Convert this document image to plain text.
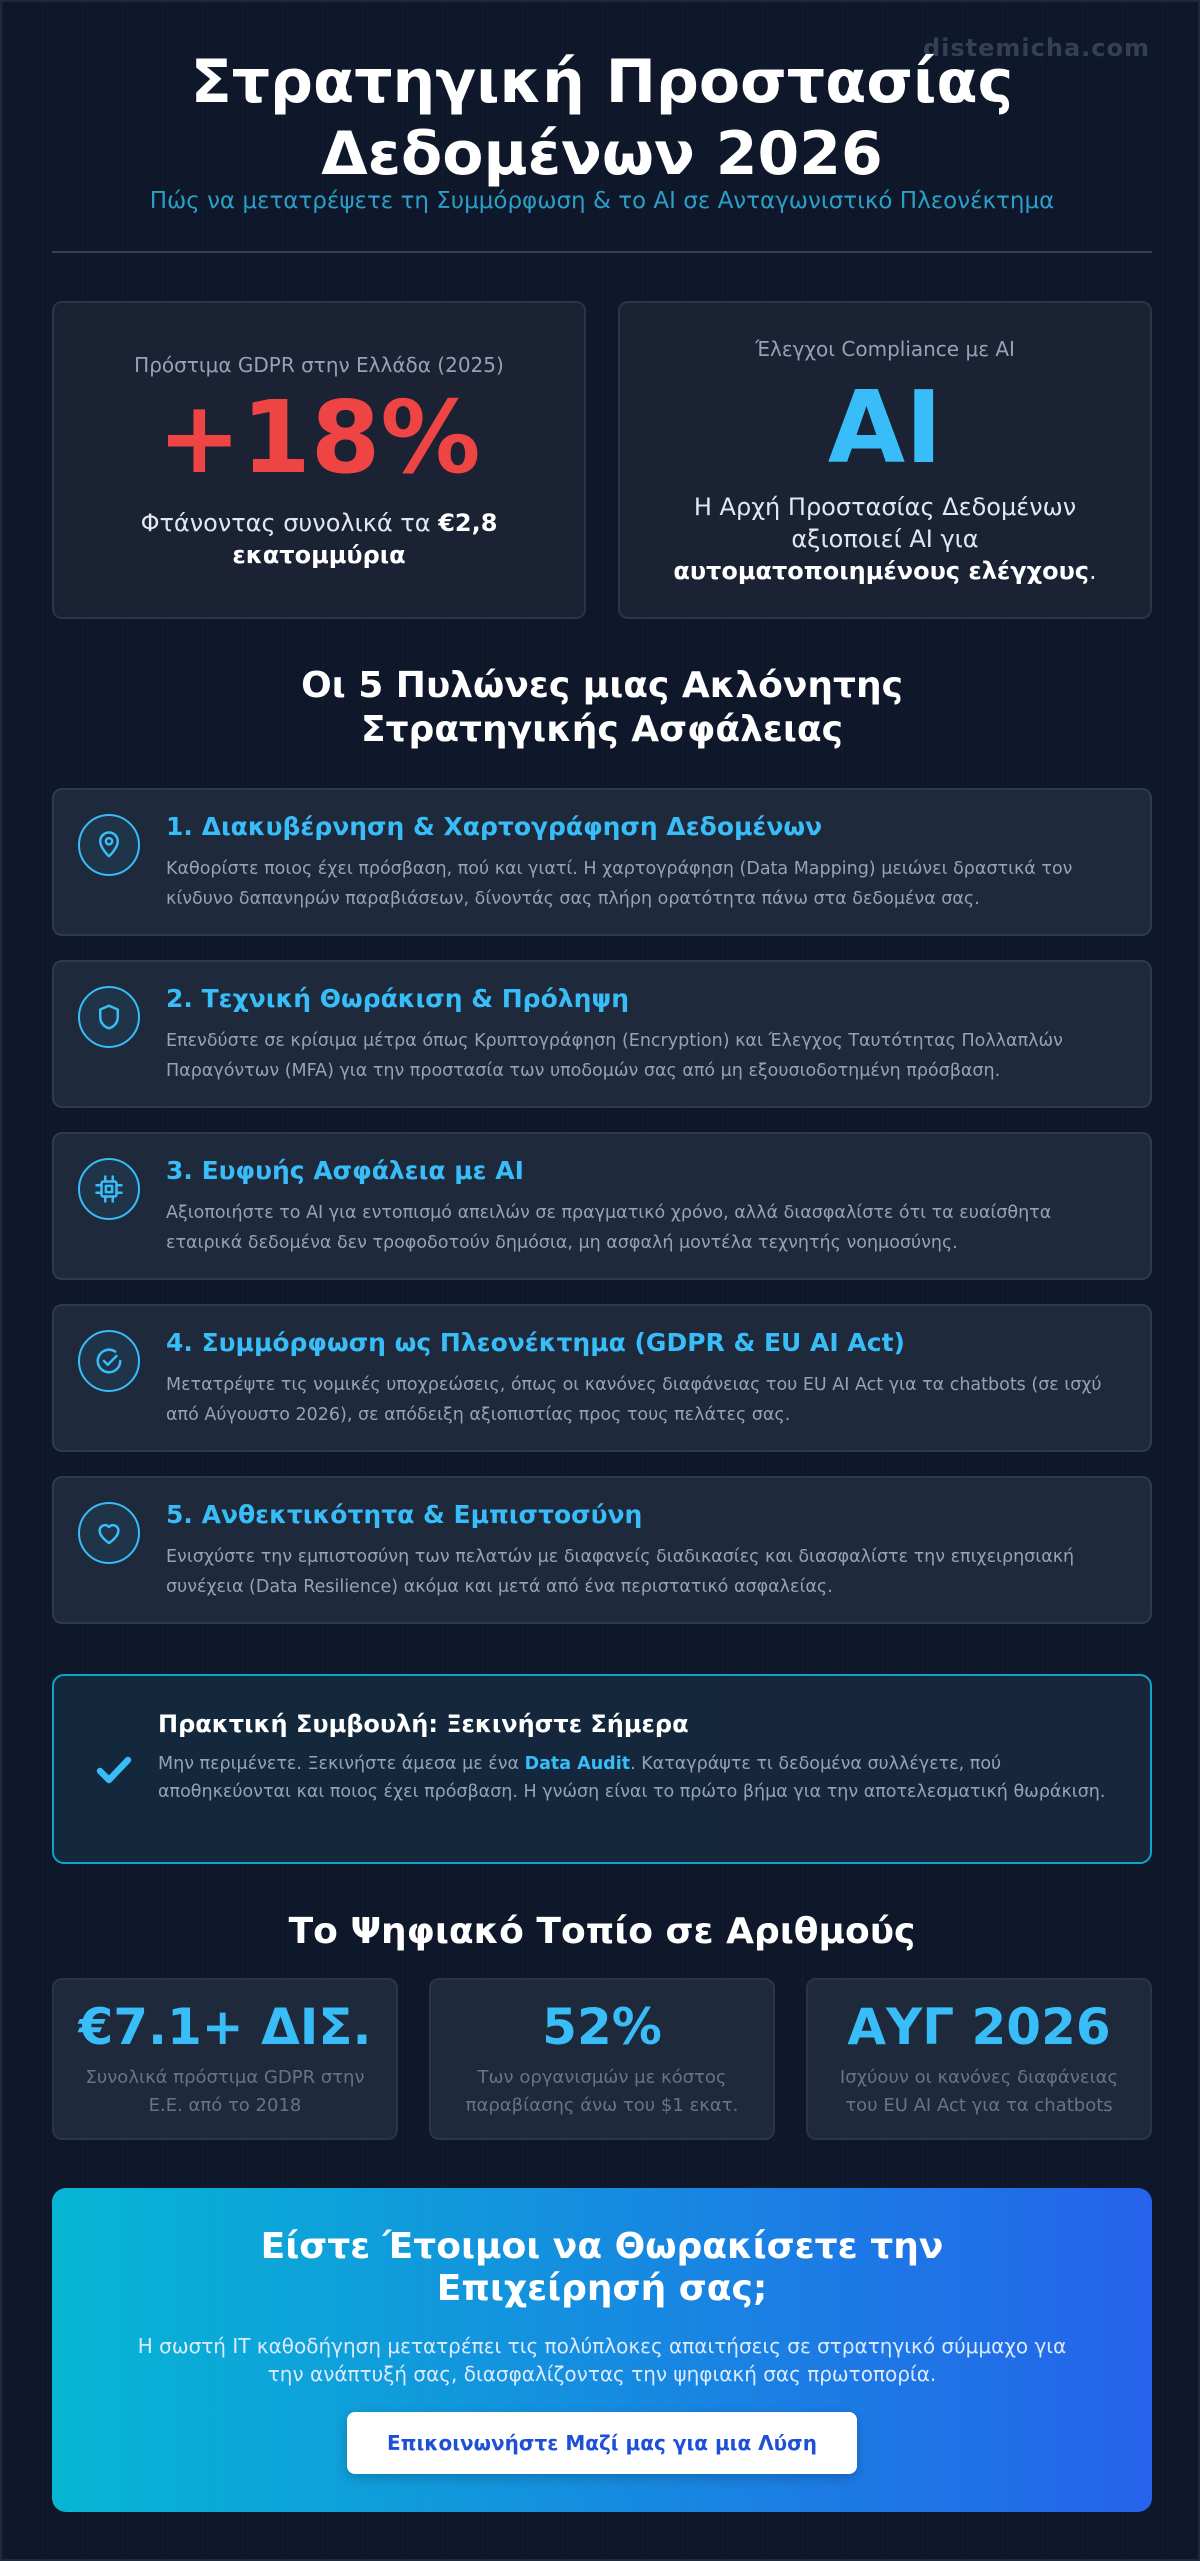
distemicha.com
Στρατηγική Προστασίας
Δεδομένων 2026
Πώς να μετατρέψετε τη Συμμόρφωση & το AI σε Ανταγωνιστικό Πλεονέκτημα
Πρόστιμα GDPR στην Ελλάδα (2025)
+18%
Φτάνοντας συνολικά τα €2,8 εκατομμύρια
Έλεγχοι Compliance με AI
AI
Η Αρχή Προστασίας Δεδομένων αξιοποιεί AI για αυτοματοποιημένους ελέγχους.
Οι 5 Πυλώνες μιας Ακλόνητης Στρατηγικής Ασφάλειας
1. Διακυβέρνηση & Χαρτογράφηση Δεδομένων
Καθορίστε ποιος έχει πρόσβαση, πού και γιατί. Η χαρτογράφηση (Data Mapping) μειώνει δραστικά τον κίνδυνο δαπανηρών παραβιάσεων, δίνοντάς σας πλήρη ορατότητα πάνω στα δεδομένα σας.
2. Τεχνική Θωράκιση & Πρόληψη
Επενδύστε σε κρίσιμα μέτρα όπως Κρυπτογράφηση (Encryption) και Έλεγχος Ταυτότητας Πολλαπλών Παραγόντων (MFA) για την προστασία των υποδομών σας από μη εξουσιοδοτημένη πρόσβαση.
3. Ευφυής Ασφάλεια με AI
Αξιοποιήστε το AI για εντοπισμό απειλών σε πραγματικό χρόνο, αλλά διασφαλίστε ότι τα ευαίσθητα εταιρικά δεδομένα δεν τροφοδοτούν δημόσια, μη ασφαλή μοντέλα τεχνητής νοημοσύνης.
4. Συμμόρφωση ως Πλεονέκτημα (GDPR & EU AI Act)
Μετατρέψτε τις νομικές υποχρεώσεις, όπως οι κανόνες διαφάνειας του EU AI Act για τα chatbots (σε ισχύ από Αύγουστο 2026), σε απόδειξη αξιοπιστίας προς τους πελάτες σας.
5. Ανθεκτικότητα & Εμπιστοσύνη
Ενισχύστε την εμπιστοσύνη των πελατών με διαφανείς διαδικασίες και διασφαλίστε την επιχειρησιακή συνέχεια (Data Resilience) ακόμα και μετά από ένα περιστατικό ασφαλείας.
Πρακτική Συμβουλή: Ξεκινήστε Σήμερα
Μην περιμένετε. Ξεκινήστε άμεσα με ένα Data Audit. Καταγράψτε τι δεδομένα συλλέγετε, πού αποθηκεύονται και ποιος έχει πρόσβαση. Η γνώση είναι το πρώτο βήμα για την αποτελεσματική θωράκιση.
Το Ψηφιακό Τοπίο σε Αριθμούς
€7.1+ ΔΙΣ.
Συνολικά πρόστιμα GDPR στην Ε.Ε. από το 2018
52%
Των οργανισμών με κόστος παραβίασης άνω του $1 εκατ.
ΑΥΓ 2026
Ισχύουν οι κανόνες διαφάνειας του EU AI Act για τα chatbots
Είστε Έτοιμοι να Θωρακίσετε την Επιχείρησή σας;
Η σωστή IT καθοδήγηση μετατρέπει τις πολύπλοκες απαιτήσεις σε στρατηγικό σύμμαχο για την ανάπτυξή σας, διασφαλίζοντας την ψηφιακή σας πρωτοπορία.
Επικοινωνήστε Μαζί μας για μια Λύση
